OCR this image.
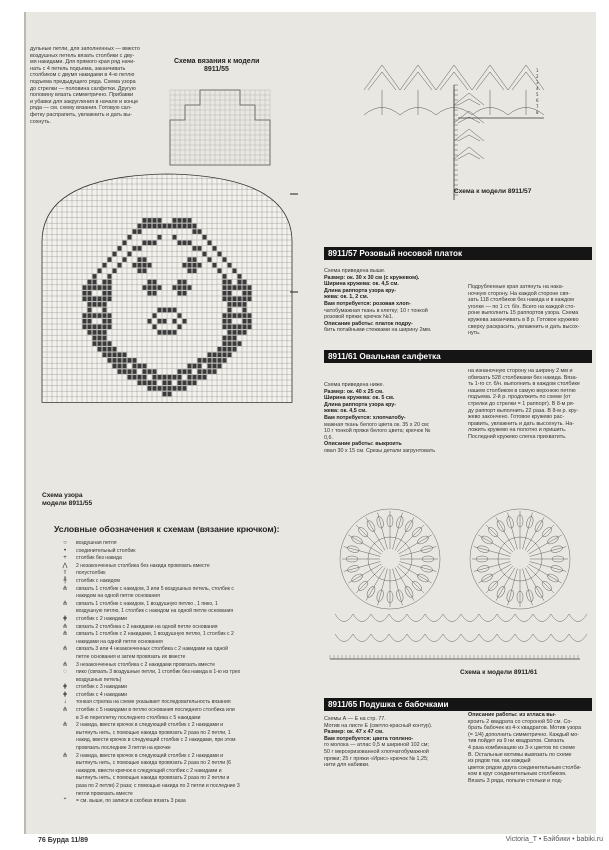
дульные петли, для заполненных — вместо
воздушных петель вязать столбики с дву-
мя накидами. Для прямого края ряд начи-
нать с 4 петель подъема, заканчивать
столбиком с двумя накидами в 4-ю петлю
подъема предыдущего ряда. Схема узора
до стрелки — половина салфетки. Другую
половину вязать симметрично. Прибавки
и убавки для закругления в начале и конце
ряда — см. схему вязания. Готовую сал-
фетку распрапить, увлажнить и дать вы-
сохнуть.
Схема вязания к модели
8911/55
Схема узора
модели 8911/55
1
2
3
4
5
6
7
8
Схема к модели 8911/57
8911/57 Розовый носовой платок
Схема приведена выше.
Размер: ок. 30 х 30 см (с кружевом).
Ширина кружева: ок. 4,5 см.
Длина раппорта узора кру-
жева: ок. 1, 2 см.
Вам потребуется: розовая хлоп-
чатобумажная ткань в клетку; 10 г тонкой
розовой пряжи; крючок №1.
Описание работы: платок подру-
бить потайными стежками на ширину 2мм.
Подрубленные края затянуть на нака-
ночную сторону. На каждой стороне свя-
зать 118 столбиков без накида и в каждом
уголке — по 1 ст. б/н. Всего на каждой сто-
роне выполнить 15 раппортов узора. Схема
кружева заканчивать в 8 р. Готовое кружево
сверху раскрасить, увлажнить и дать высох-
нуть.
8911/61 Овальная салфетка
Схема приведена ниже.
Размер: ок. 40 х 25 см.
Ширина кружева: ок. 5 см.
Длина раппорта узора кру-
жева: ок. 4,5 см.
Вам потребуется: хлопчатобу-
мажная ткань белого цвета ок. 35 х 20 см;
10 г тонкой пряжи белого цвета; крючок №
0,6.
Описание работы: выкроить
овал 30 х 15 см. Срезы детали загрунтовать
на изнаночную сторону на ширину 2 мм и
обвязать 528 столбиками без накида. Вяза-
ть 1-го ст. б/н. выполнить в каждом столбике
нашем столбиком в самую верхнюю петлю
подъема. 2-й р. продолжить по схеме (от
стрелки до стрелки = 1 раппорт). В 8-м ря-
ду раппорт выполнить 22 раза. В 8-м р. кру-
жево закончено. Готовое кружево рас-
править, увлажнить и дать высохнуть. На-
ложить кружево на полотно и пришить.
Последний кружево слегка прихватить.
Схема к модели 8911/61
8911/65 Подушка с бабочками
Схемы А — Е на стр. 77.
Мотив на листе Е (светло-красный контур).
Размер: ок. 47 х 47 см.
Вам потребуется: цвета топлено-
го молока — атлас 0,5 м шириной 102 см;
50 г мерсеризованной хлопчатобумажной
пряжи; 25 г пряжи «Ирис» крючок № 1,25;
нити для набивки.
Описание работы: из атласа вы-
кроить 2 квадрата со стороной 50 см. Со-
брать бабочек из 4-х квадратов. Мотив узора
(= 1/4) дополнить симметрично. Каждый мо-
тив пойдет из 9 ни квадратов. Связать
4 раза комбинацию из 3-х цветов по схеме
В. Остальные мотивы вывязать по схеме
из рядов так, как каждый
цветок рядом друга соединительным столби-
ком в круг соединительным столбиком.
Вязать 3 ряда, попыли стельки и под-
Условные обозначения к схемам (вязание крючком):
○ воздушная петля
• соединительный столбик
+ столбик без накида
⋀ 2 незаконченных столбика без накида провязать вместе
ᴛ полустолбик
╀ столбик с накидом
⋔ связать 1 столбик с накидом, 3 или 5 воздушных петель, столбик с
накидом на одной петле основания
⋔ связать 1 столбик с накидом, 1 воздушную петлю , 1 пико, 1
воздушную петлю, 1 столбик с накидом на одной петле основания
⋕ столбик с 2 накидами
⋔ связать 2 столбика с 2 накидами на одной петле основания
⋔ связать 1 столбик с 2 накидами, 1 воздушную петлю, 1 столбик с 2
накидами на одной петле основания
⋔ связать 3 или 4 незаконченных столбика с 2 накидами на одной
петле основания и затем провязать их вместе
⋔ 3 незаконченных столбика с 2 накидами провязать вместе
◌ пико (связать 3 воздушные петли, 1 столбик без накида в 1-ю из трех
воздушных петель)
⋕ столбик с 3 накидами
⋕ столбик с 4 накидами
↓ тонкая стрелка на схеме указывает последовательность вязания
⋔ столбик с 5 накидами в петлю основания последнего столбика или
в 3-ю переплетку последнего столбика с 5 накидами
⋔ 2 накида, ввести крючок в следующий столбик с 2 накидами и
вытянуть нить, с помощью накида провязать 2 раза по 2 петли, 1
накид, ввести крючок в следующий столбик с 2 накидами, при этом
провязать последние 3 петли на крючке
⋔ 2 накида, ввести крючок в следующий столбик с 2 накидами и
вытянуть нить, с помощью накида провязать 2 раза по 2 петли (6
накидов, ввести крючок в следующий столбик с 2 накидами и
вытянуть нить, с помощью накида провязать 2 раза по 2 петли и
раза по 2 петли) 2 раза; с помощью накида по 2 петли и последние 3
петли провязать вместе
⌃ = см. выше, по записи в скобках вязать 3 раза
76 Бурда 11/89	Victoria_T • Бэйбики • babiki.ru
